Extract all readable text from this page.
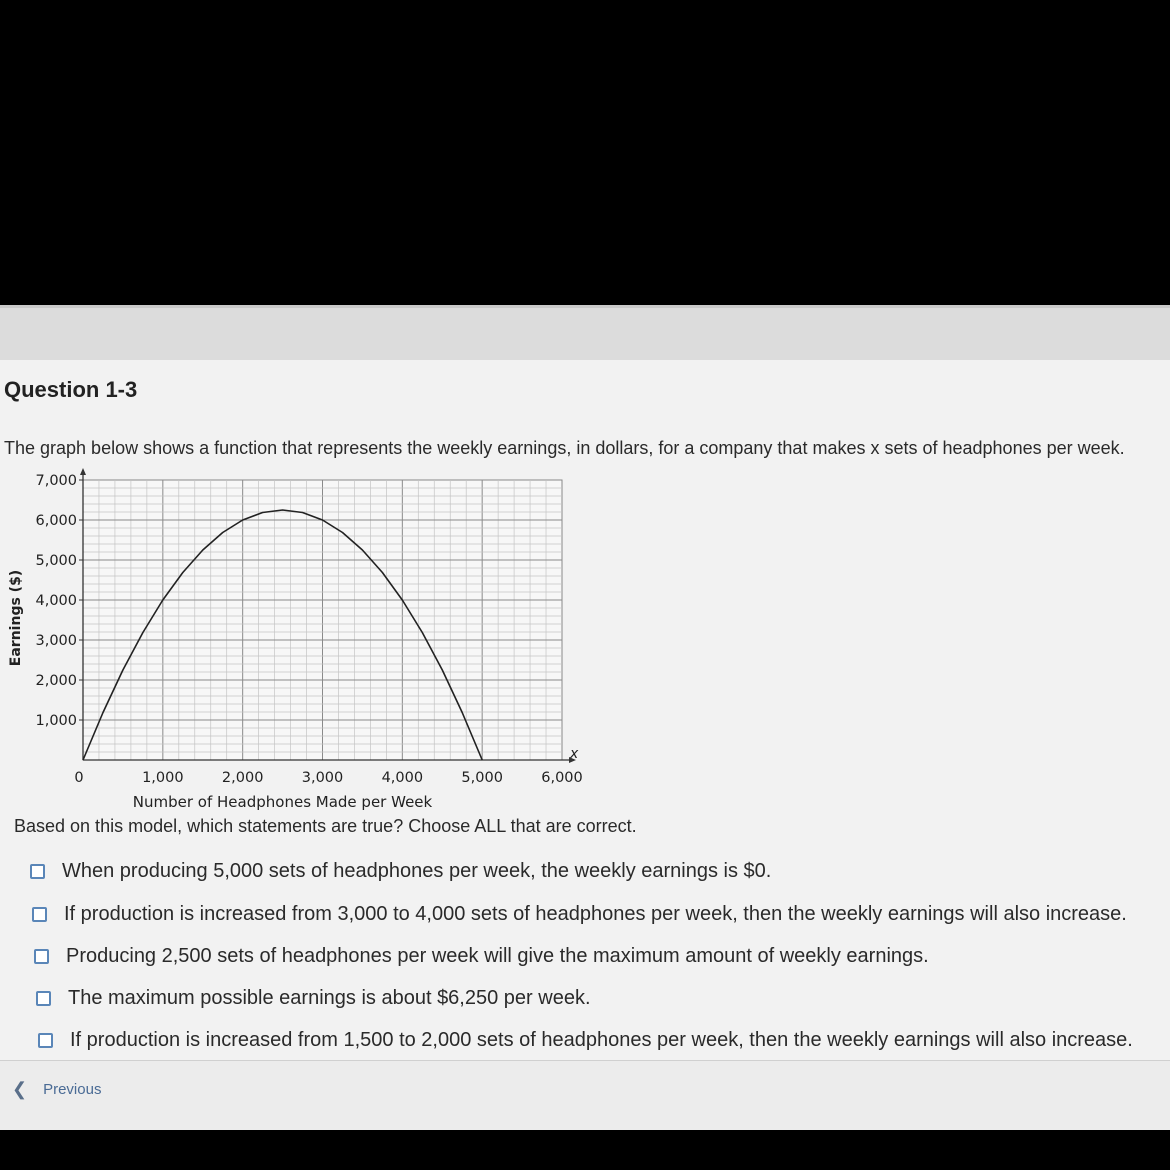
Question 1-3
The graph below shows a function that represents the weekly earnings, in dollars, for a company that makes x sets of headphones per week.
x
1,000
2,000
3,000
4,000
5,000
6,000
7,000
0	1,000	2,000	3,000	4,000	5,000	6,000
Number of Headphones Made per Week
Earnings ($)
Based on this model, which statements are true? Choose ALL that are correct.
When producing 5,000 sets of headphones per week, the weekly earnings is $0.
If production is increased from 3,000 to 4,000 sets of headphones per week, then the weekly earnings will also increase.
Producing 2,500 sets of headphones per week will give the maximum amount of weekly earnings.
The maximum possible earnings is about $6,250 per week.
If production is increased from 1,500 to 2,000 sets of headphones per week, then the weekly earnings will also increase.
❮ Previous
